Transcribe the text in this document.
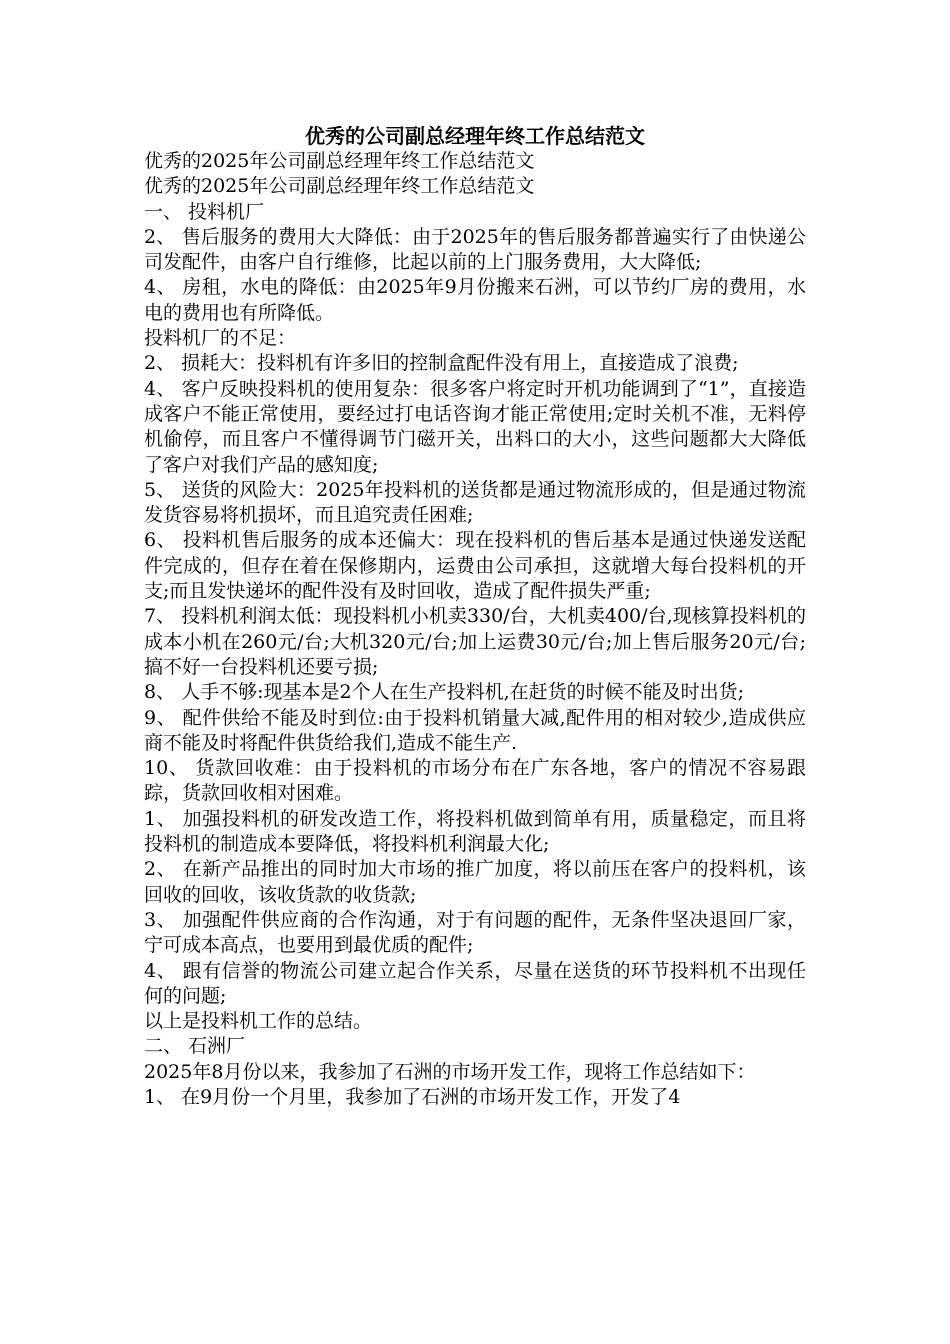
优秀的公司副总经理年终工作总结范文

优秀的2025年公司副总经理年终工作总结范文

优秀的2025年公司副总经理年终工作总结范文

一、 投料机厂

2、 售后服务的费用大大降低：由于2025年的售后服务都普遍实行了由快递公司发配件，由客户自行维修，比起以前的上门服务费用，大大降低;

4、 房租，水电的降低：由2025年9月份搬来石洲，可以节约厂房的费用，水电的费用也有所降低。

投料机厂的不足：

2、 损耗大：投料机有许多旧的控制盒配件没有用上，直接造成了浪费;

4、 客户反映投料机的使用复杂：很多客户将定时开机功能调到了“1”，直接造成客户不能正常使用，要经过打电话咨询才能正常使用;定时关机不准，无料停机偷停，而且客户不懂得调节门磁开关，出料口的大小，这些问题都大大降低了客户对我们产品的感知度;

5、 送货的风险大：2025年投料机的送货都是通过物流形成的，但是通过物流发货容易将机损坏，而且追究责任困难;

6、 投料机售后服务的成本还偏大：现在投料机的售后基本是通过快递发送配件完成的，但存在着在保修期内，运费由公司承担，这就增大每台投料机的开支;而且发快递坏的配件没有及时回收，造成了配件损失严重;

7、 投料机利润太低：现投料机小机卖330/台，大机卖400/台,现核算投料机的成本小机在260元/台;大机320元/台;加上运费30元/台;加上售后服务20元/台;搞不好一台投料机还要亏损;

8、 人手不够:现基本是2个人在生产投料机,在赶货的时候不能及时出货;

9、 配件供给不能及时到位:由于投料机销量大减,配件用的相对较少,造成供应商不能及时将配件供货给我们,造成不能生产.

10、 货款回收难：由于投料机的市场分布在广东各地，客户的情况不容易跟踪，货款回收相对困难。

1、 加强投料机的研发改造工作，将投料机做到简单有用，质量稳定，而且将投料机的制造成本要降低，将投料机利润最大化;

2、 在新产品推出的同时加大市场的推广加度，将以前压在客户的投料机，该回收的回收，该收货款的收货款;

3、 加强配件供应商的合作沟通，对于有问题的配件，无条件坚决退回厂家，宁可成本高点，也要用到最优质的配件;

4、 跟有信誉的物流公司建立起合作关系，尽量在送货的环节投料机不出现任何的问题;

以上是投料机工作的总结。

二、 石洲厂

2025年8月份以来，我参加了石洲的市场开发工作，现将工作总结如下：

1、 在9月份一个月里，我参加了石洲的市场开发工作，开发了4
